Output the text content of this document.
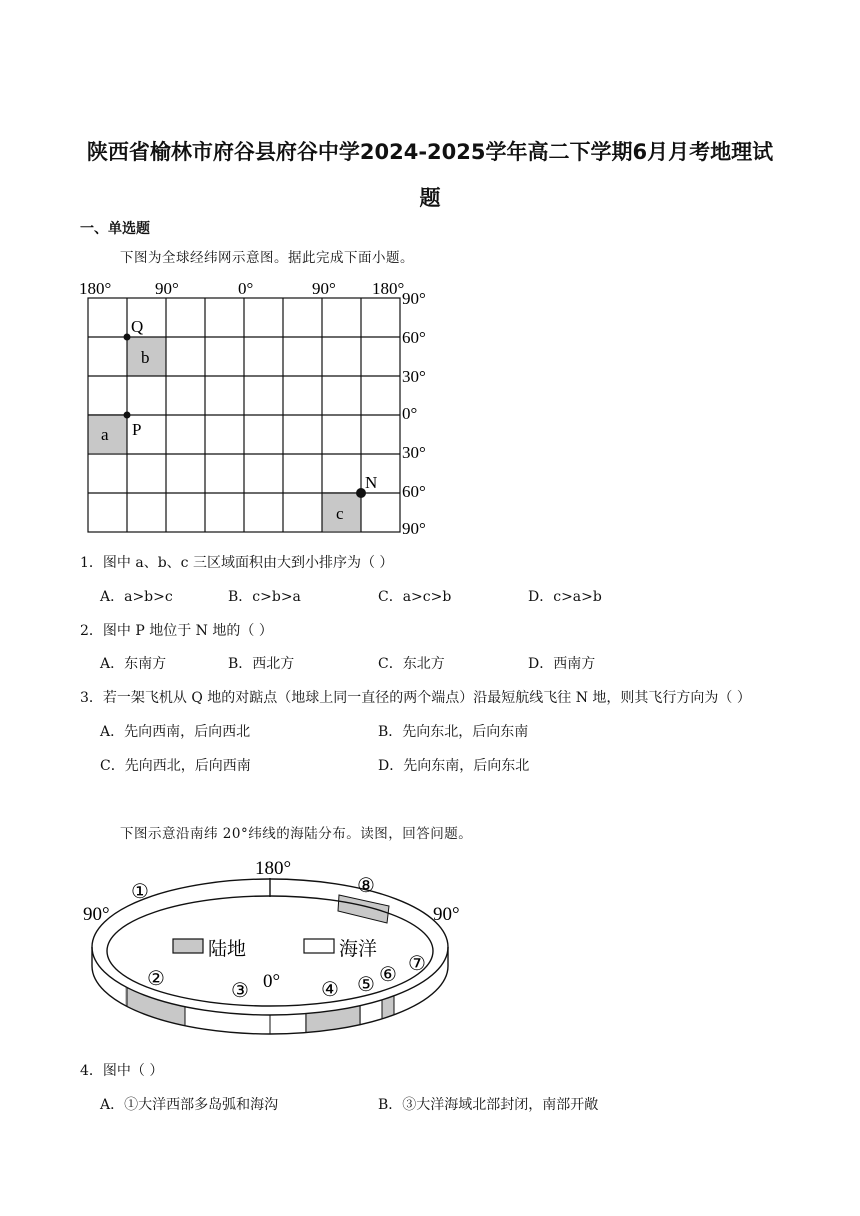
陕西省榆林市府谷县府谷中学2024-2025学年高二下学期6月月考地理试
题
一、单选题
下图为全球经纬网示意图。据此完成下面小题。
180°	90°	0°	90° 180°
90°
60°
30°
0°
30°
60°
90°
Q
P
N
a
b
c
1．图中 a、b、c 三区域面积由大到小排序为（ ）
A．a>b>c	B．c>b>a	C．a>c>b	D．c>a>b
2．图中 P 地位于 N 地的（ ）
A．东南方	B．西北方	C．东北方	D．西南方
3．若一架飞机从 Q 地的对踮点（地球上同一直径的两个端点）沿最短航线飞往 N 地，则其飞行方向为（ ）
A．先向西南，后向西北	B．先向东北，后向东南
C．先向西北，后向西南	D．先向东南，后向东北
下图示意沿南纬 20°纬线的海陆分布。读图，回答问题。
180°
90°	90°
0°
陆地	海洋
①
②
③	④ ⑤ ⑥ ⑦
⑧
4．图中（ ）
A．①大洋西部多岛弧和海沟	B．③大洋海域北部封闭，南部开敞
